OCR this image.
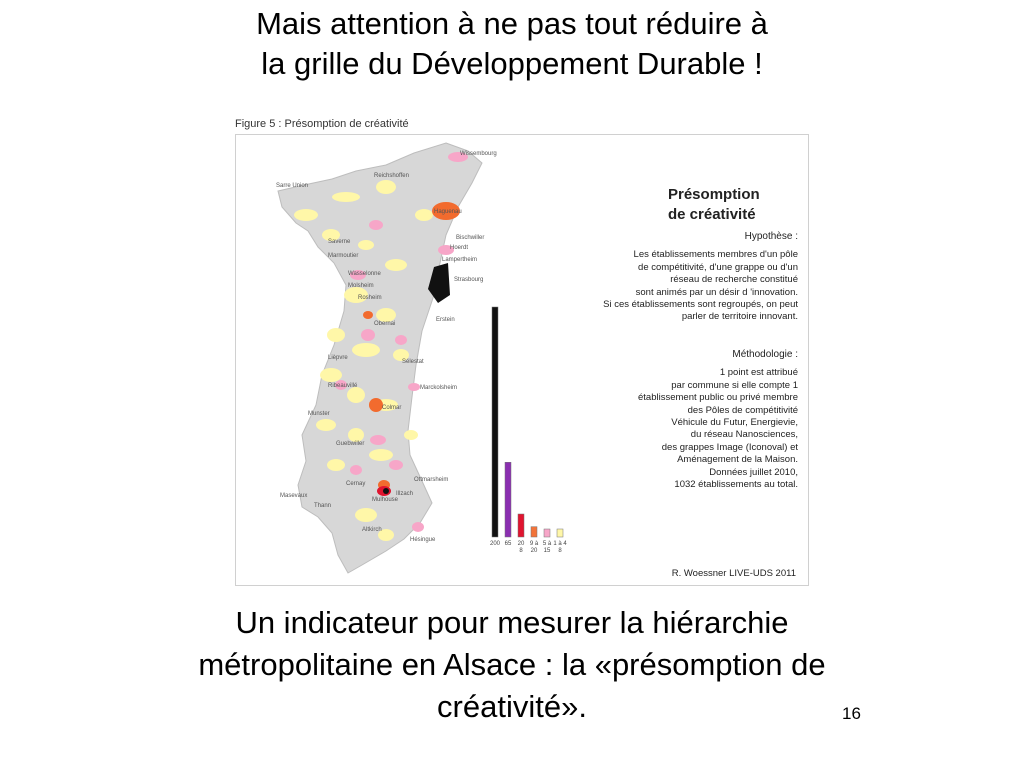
Mais attention à ne pas tout réduire à
la grille du Développement Durable !
Figure 5 : Présomption de créativité
Wissembourg
Sarre Union
Reichshoffen
Haguenau
Bischwiller
Saverne
Marmoutier
Hoerdt
Lampertheim
Strasbourg
Wasselonne
Molsheim
Rosheim
Erstein
Obernai
Lièpvre
Sélestat
Ribeauvillé	Marckolsheim
Colmar
Munster
Guebwiller
Cernay
Ottmarsheim
Masevaux
Mulhouse
Illzach
Thann
Altkirch
Hésingue
200 65 20
8
9 à
20
5 à
15
1 à 4
8
Présomption
de créativité
Hypothèse :
Les établissements membres d'un pôle
de compétitivité, d'une grappe ou d'un
réseau de recherche constitué
sont animés par un désir d 'innovation.
Si ces établissements sont regroupés, on peut
parler de territoire innovant.
Méthodologie :
1 point est attribué
par commune si elle compte 1
établissement public ou privé membre
des Pôles de compétitivité
Véhicule du Futur, Energievie,
du réseau Nanosciences,
des grappes Image (Iconoval) et
Aménagement de la Maison.
Données juillet 2010,
1032 établissements au total.
R. Woessner LIVE-UDS 2011
Un indicateur pour mesurer la hiérarchie
métropolitaine en Alsace : la «présomption de
créativité».	16
